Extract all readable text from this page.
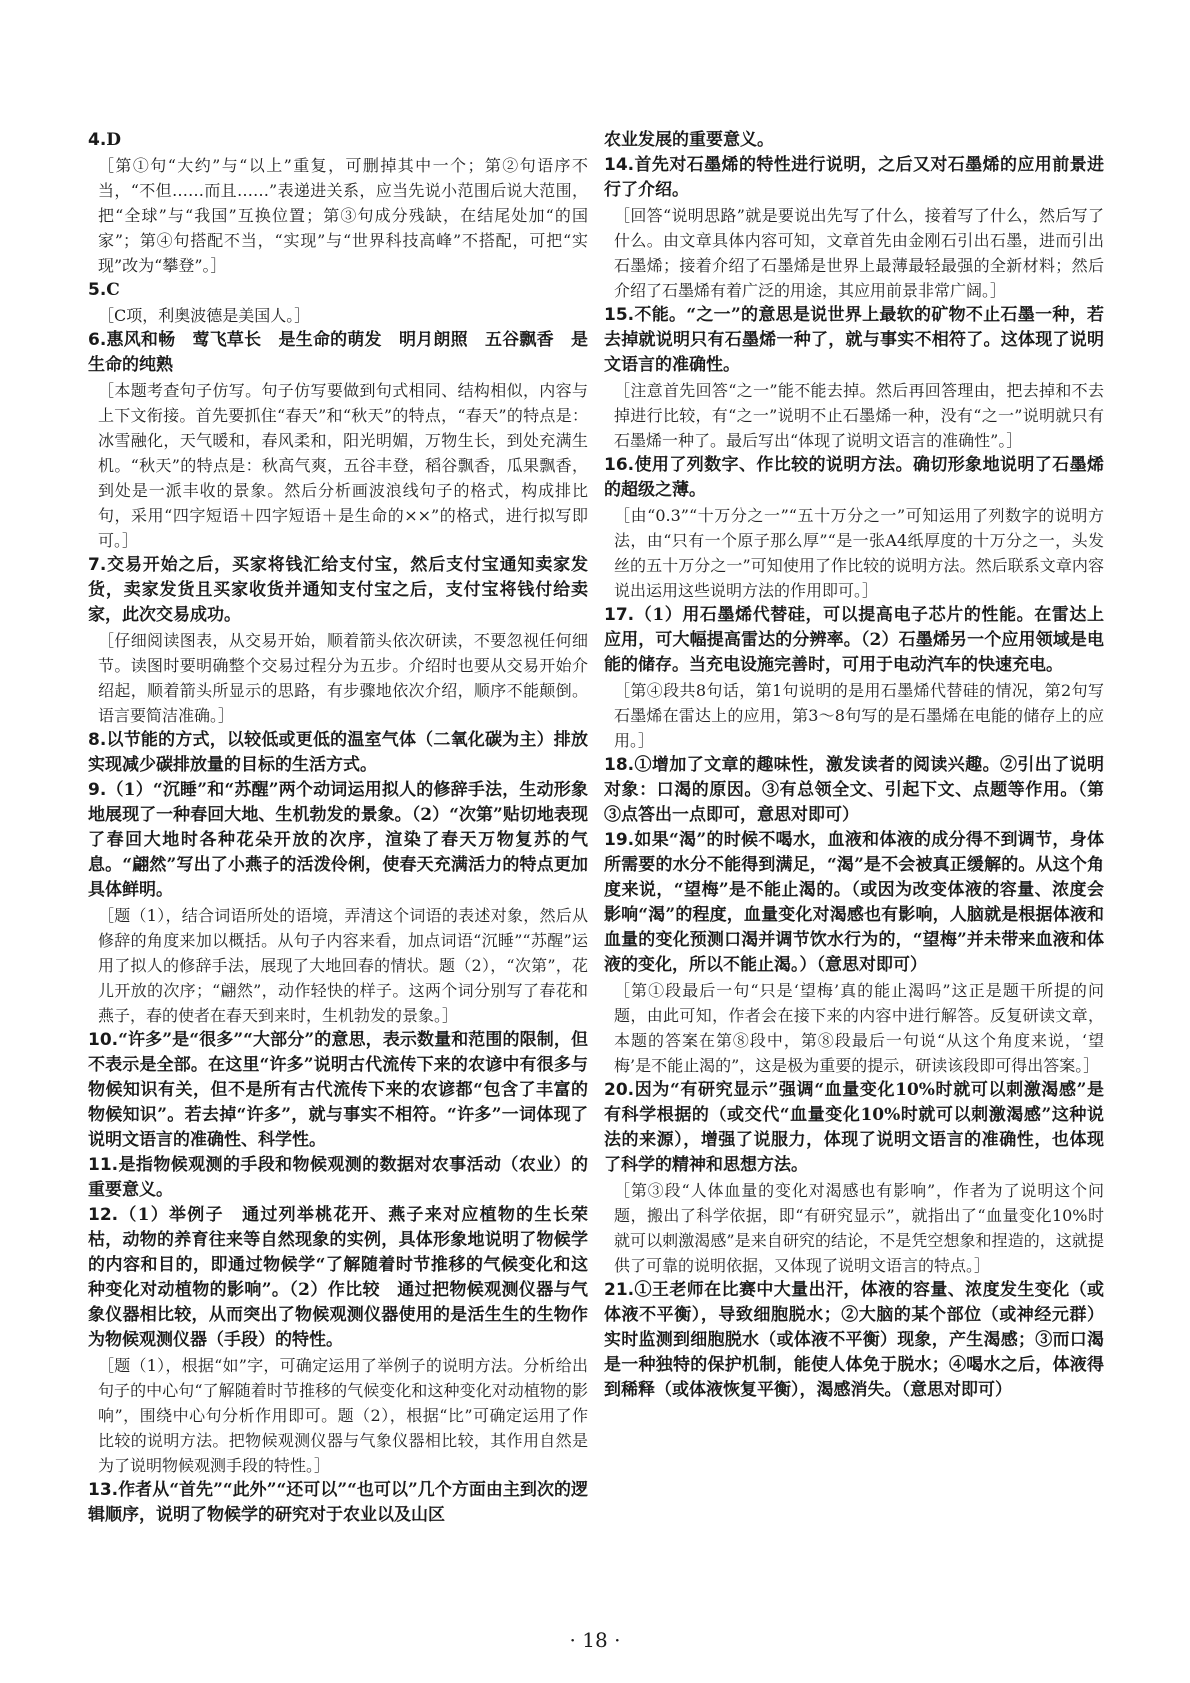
4.D

［第①句“大约”与“以上”重复，可删掉其中一个；第②句语序不当，“不但……而且……”表递进关系，应当先说小范围后说大范围，把“全球”与“我国”互换位置；第③句成分残缺，在结尾处加“的国家”；第④句搭配不当，“实现”与“世界科技高峰”不搭配，可把“实现”改为“攀登”。］

5.C

［C项，利奥波德是美国人。］

6.惠风和畅　莺飞草长　是生命的萌发　明月朗照　五谷飘香　是生命的纯熟

［本题考查句子仿写。句子仿写要做到句式相同、结构相似，内容与上下文衔接。首先要抓住“春天”和“秋天”的特点，“春天”的特点是：冰雪融化，天气暖和，春风柔和，阳光明媚，万物生长，到处充满生机。“秋天”的特点是：秋高气爽，五谷丰登，稻谷飘香，瓜果飘香，到处是一派丰收的景象。然后分析画波浪线句子的格式，构成排比句，采用“四字短语＋四字短语＋是生命的××”的格式，进行拟写即可。］

7.交易开始之后，买家将钱汇给支付宝，然后支付宝通知卖家发货，卖家发货且买家收货并通知支付宝之后，支付宝将钱付给卖家，此次交易成功。

［仔细阅读图表，从交易开始，顺着箭头依次研读，不要忽视任何细节。读图时要明确整个交易过程分为五步。介绍时也要从交易开始介绍起，顺着箭头所显示的思路，有步骤地依次介绍，顺序不能颠倒。语言要简洁准确。］

8.以节能的方式，以较低或更低的温室气体（二氧化碳为主）排放实现减少碳排放量的目标的生活方式。

9.（1）“沉睡”和“苏醒”两个动词运用拟人的修辞手法，生动形象地展现了一种春回大地、生机勃发的景象。（2）“次第”贴切地表现了春回大地时各种花朵开放的次序，渲染了春天万物复苏的气息。“翩然”写出了小燕子的活泼伶俐，使春天充满活力的特点更加具体鲜明。

［题（1），结合词语所处的语境，弄清这个词语的表述对象，然后从修辞的角度来加以概括。从句子内容来看，加点词语“沉睡”“苏醒”运用了拟人的修辞手法，展现了大地回春的情状。题（2），“次第”，花儿开放的次序；“翩然”，动作轻快的样子。这两个词分别写了春花和燕子，春的使者在春天到来时，生机勃发的景象。］

10.“许多”是“很多”“大部分”的意思，表示数量和范围的限制，但不表示是全部。在这里“许多”说明古代流传下来的农谚中有很多与物候知识有关，但不是所有古代流传下来的农谚都“包含了丰富的物候知识”。若去掉“许多”，就与事实不相符。“许多”一词体现了说明文语言的准确性、科学性。

11.是指物候观测的手段和物候观测的数据对农事活动（农业）的重要意义。

12.（1）举例子　通过列举桃花开、燕子来对应植物的生长荣枯，动物的养育往来等自然现象的实例，具体形象地说明了物候学的内容和目的，即通过物候学“了解随着时节推移的气候变化和这种变化对动植物的影响”。（2）作比较　通过把物候观测仪器与气象仪器相比较，从而突出了物候观测仪器使用的是活生生的生物作为物候观测仪器（手段）的特性。

［题（1），根据“如”字，可确定运用了举例子的说明方法。分析给出句子的中心句“了解随着时节推移的气候变化和这种变化对动植物的影响”，围绕中心句分析作用即可。题（2），根据“比”可确定运用了作比较的说明方法。把物候观测仪器与气象仪器相比较，其作用自然是为了说明物候观测手段的特性。］

13.作者从“首先”“此外”“还可以”“也可以”几个方面由主到次的逻辑顺序，说明了物候学的研究对于农业以及山区

农业发展的重要意义。

14.首先对石墨烯的特性进行说明，之后又对石墨烯的应用前景进行了介绍。

［回答“说明思路”就是要说出先写了什么，接着写了什么，然后写了什么。由文章具体内容可知，文章首先由金刚石引出石墨，进而引出石墨烯；接着介绍了石墨烯是世界上最薄最轻最强的全新材料；然后介绍了石墨烯有着广泛的用途，其应用前景非常广阔。］

15.不能。“之一”的意思是说世界上最软的矿物不止石墨一种，若去掉就说明只有石墨烯一种了，就与事实不相符了。这体现了说明文语言的准确性。

［注意首先回答“之一”能不能去掉。然后再回答理由，把去掉和不去掉进行比较，有“之一”说明不止石墨烯一种，没有“之一”说明就只有石墨烯一种了。最后写出“体现了说明文语言的准确性”。］

16.使用了列数字、作比较的说明方法。确切形象地说明了石墨烯的超级之薄。

［由“0.3”“十万分之一”“五十万分之一”可知运用了列数字的说明方法，由“只有一个原子那么厚”“是一张A4纸厚度的十万分之一，头发丝的五十万分之一”可知使用了作比较的说明方法。然后联系文章内容说出运用这些说明方法的作用即可。］

17.（1）用石墨烯代替硅，可以提高电子芯片的性能。在雷达上应用，可大幅提高雷达的分辨率。（2）石墨烯另一个应用领域是电能的储存。当充电设施完善时，可用于电动汽车的快速充电。

［第④段共8句话，第1句说明的是用石墨烯代替硅的情况，第2句写石墨烯在雷达上的应用，第3～8句写的是石墨烯在电能的储存上的应用。］

18.①增加了文章的趣味性，激发读者的阅读兴趣。②引出了说明对象：口渴的原因。③有总领全文、引起下文、点题等作用。（第③点答出一点即可，意思对即可）

19.如果“渴”的时候不喝水，血液和体液的成分得不到调节，身体所需要的水分不能得到满足，“渴”是不会被真正缓解的。从这个角度来说，“望梅”是不能止渴的。（或因为改变体液的容量、浓度会影响“渴”的程度，血量变化对渴感也有影响，人脑就是根据体液和血量的变化预测口渴并调节饮水行为的，“望梅”并未带来血液和体液的变化，所以不能止渴。）（意思对即可）

［第①段最后一句“只是‘望梅’真的能止渴吗”这正是题干所提的问题，由此可知，作者会在接下来的内容中进行解答。反复研读文章，本题的答案在第⑧段中，第⑧段最后一句说“从这个角度来说，‘望梅’是不能止渴的”，这是极为重要的提示，研读该段即可得出答案。］

20.因为“有研究显示”强调“血量变化10%时就可以刺激渴感”是有科学根据的（或交代“血量变化10%时就可以刺激渴感”这种说法的来源），增强了说服力，体现了说明文语言的准确性，也体现了科学的精神和思想方法。

［第③段“人体血量的变化对渴感也有影响”，作者为了说明这个问题，搬出了科学依据，即“有研究显示”，就指出了“血量变化10%时就可以刺激渴感”是来自研究的结论，不是凭空想象和捏造的，这就提供了可靠的说明依据，又体现了说明文语言的特点。］

21.①王老师在比赛中大量出汗，体液的容量、浓度发生变化（或体液不平衡），导致细胞脱水；②大脑的某个部位（或神经元群）实时监测到细胞脱水（或体液不平衡）现象，产生渴感；③而口渴是一种独特的保护机制，能使人体免于脱水；④喝水之后，体液得到稀释（或体液恢复平衡），渴感消失。（意思对即可）

· 18 ·
